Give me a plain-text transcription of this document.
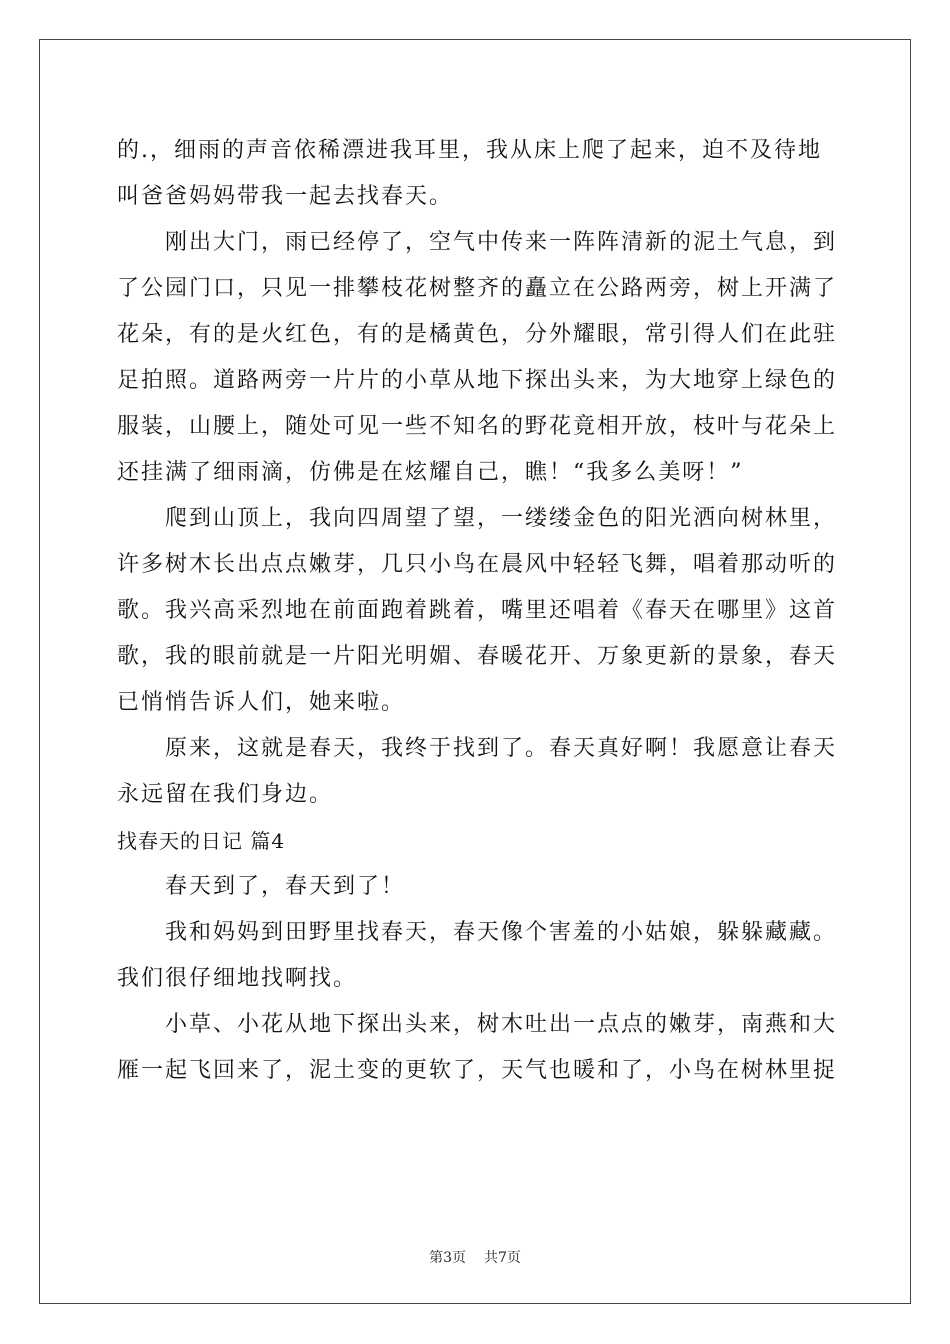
的.，细雨的声音依稀漂进我耳里，我从床上爬了起来，迫不及待地
叫爸爸妈妈带我一起去找春天。
刚出大门，雨已经停了，空气中传来一阵阵清新的泥土气息，到
了公园门口，只见一排攀枝花树整齐的矗立在公路两旁，树上开满了
花朵，有的是火红色，有的是橘黄色，分外耀眼，常引得人们在此驻
足拍照。道路两旁一片片的小草从地下探出头来，为大地穿上绿色的
服装，山腰上，随处可见一些不知名的野花竟相开放，枝叶与花朵上
还挂满了细雨滴，仿佛是在炫耀自己，瞧！“我多么美呀！”
爬到山顶上，我向四周望了望，一缕缕金色的阳光洒向树林里，
许多树木长出点点嫩芽，几只小鸟在晨风中轻轻飞舞，唱着那动听的
歌。我兴高采烈地在前面跑着跳着，嘴里还唱着《春天在哪里》这首
歌，我的眼前就是一片阳光明媚、春暖花开、万象更新的景象，春天
已悄悄告诉人们，她来啦。
原来，这就是春天，我终于找到了。春天真好啊！我愿意让春天
永远留在我们身边。
找春天的日记 篇4
春天到了，春天到了！
我和妈妈到田野里找春天，春天像个害羞的小姑娘，躲躲藏藏。
我们很仔细地找啊找。
小草、小花从地下探出头来，树木吐出一点点的嫩芽，南燕和大
雁一起飞回来了，泥土变的更软了，天气也暖和了，小鸟在树林里捉
第3页 共7页
